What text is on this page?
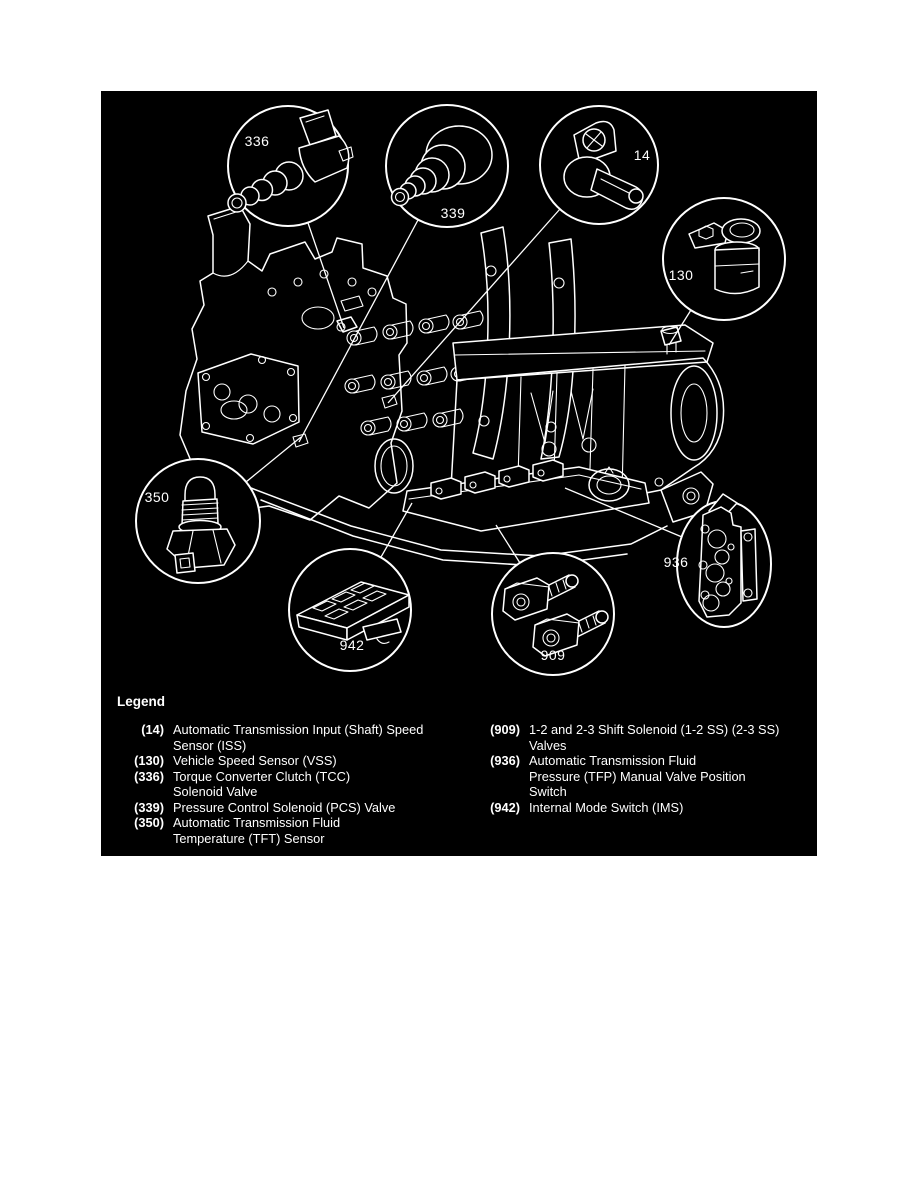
336
339
14
130
350
942
909
936
Legend
(14) Automatic Transmission Input (Shaft) Speed
Sensor (ISS)
(130) Vehicle Speed Sensor (VSS)
(336) Torque Converter Clutch (TCC)
Solenoid Valve
(339) Pressure Control Solenoid (PCS) Valve
(350) Automatic Transmission Fluid
Temperature (TFT) Sensor
(909) 1-2 and 2-3 Shift Solenoid (1-2 SS) (2-3 SS)
Valves
(936) Automatic Transmission Fluid
Pressure (TFP) Manual Valve Position
Switch
(942) Internal Mode Switch (IMS)
